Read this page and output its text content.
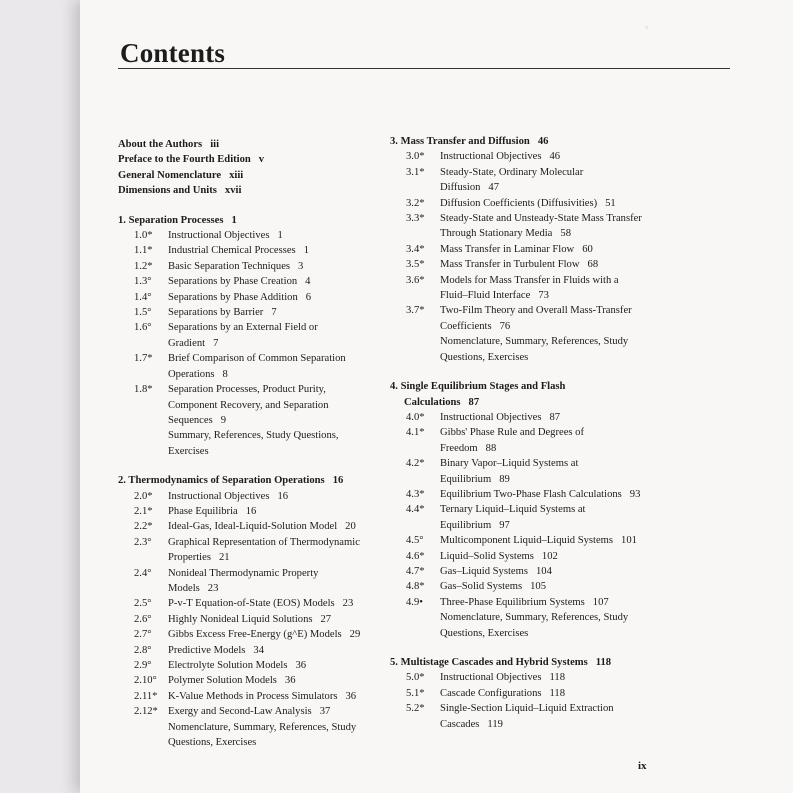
▫
Contents
About the Authors iii
Preface to the Fourth Edition v
General Nomenclature xiii
Dimensions and Units xvii
1. Separation Processes 1
1.0*	Instructional Objectives 1
1.1*	Industrial Chemical Processes 1
1.2*	Basic Separation Techniques 3
1.3°	Separations by Phase Creation 4
1.4°	Separations by Phase Addition 6
1.5°	Separations by Barrier 7
1.6°	Separations by an External Field or
Gradient 7
1.7*	Brief Comparison of Common Separation
Operations 8
1.8*	Separation Processes, Product Purity,
Component Recovery, and Separation
Sequences 9
Summary, References, Study Questions,
Exercises
2. Thermodynamics of Separation Operations 16
2.0*	Instructional Objectives 16
2.1*	Phase Equilibria 16
2.2*	Ideal-Gas, Ideal-Liquid-Solution Model 20
2.3°	Graphical Representation of Thermodynamic
Properties 21
2.4°	Nonideal Thermodynamic Property
Models 23
2.5°	P-v-T Equation-of-State (EOS) Models 23
2.6°	Highly Nonideal Liquid Solutions 27
2.7°	Gibbs Excess Free-Energy (g^E) Models 29
2.8°	Predictive Models 34
2.9°	Electrolyte Solution Models 36
2.10°	Polymer Solution Models 36
2.11* K-Value Methods in Process Simulators 36
2.12* Exergy and Second-Law Analysis 37
Nomenclature, Summary, References, Study
Questions, Exercises
3. Mass Transfer and Diffusion 46
3.0*	Instructional Objectives 46
3.1*	Steady-State, Ordinary Molecular
Diffusion 47
3.2*	Diffusion Coefficients (Diffusivities) 51
3.3*	Steady-State and Unsteady-State Mass Transfer
Through Stationary Media 58
3.4*	Mass Transfer in Laminar Flow 60
3.5*	Mass Transfer in Turbulent Flow 68
3.6*	Models for Mass Transfer in Fluids with a
Fluid–Fluid Interface 73
3.7*	Two-Film Theory and Overall Mass-Transfer
Coefficients 76
Nomenclature, Summary, References, Study
Questions, Exercises
4. Single Equilibrium Stages and Flash
Calculations 87
4.0*	Instructional Objectives 87
4.1*	Gibbs' Phase Rule and Degrees of
Freedom 88
4.2*	Binary Vapor–Liquid Systems at
Equilibrium 89
4.3*	Equilibrium Two-Phase Flash Calculations 93
4.4*	Ternary Liquid–Liquid Systems at
Equilibrium 97
4.5°	Multicomponent Liquid–Liquid Systems 101
4.6*	Liquid–Solid Systems 102
4.7*	Gas–Liquid Systems 104
4.8*	Gas–Solid Systems 105
4.9•	Three-Phase Equilibrium Systems 107
Nomenclature, Summary, References, Study
Questions, Exercises
5. Multistage Cascades and Hybrid Systems 118
5.0*	Instructional Objectives 118
5.1*	Cascade Configurations 118
5.2*	Single-Section Liquid–Liquid Extraction
Cascades 119
ix
